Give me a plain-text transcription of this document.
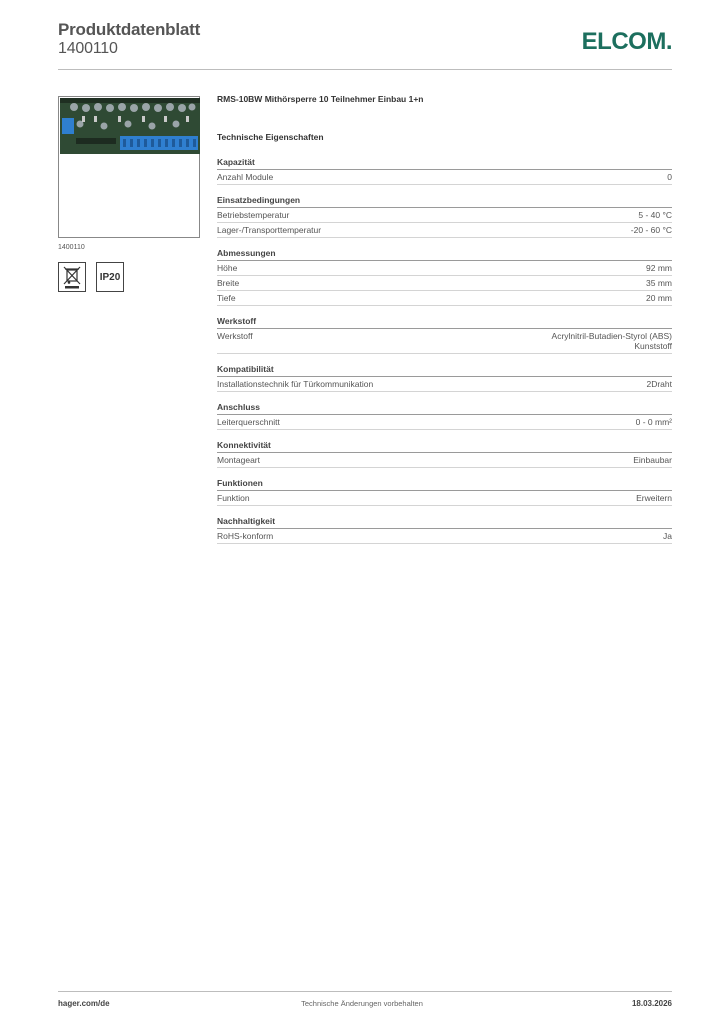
Produktdatenblatt
1400110	ELCOM.
1400110
IP20
RMS-10BW Mithörsperre 10 Teilnehmer Einbau 1+n
Technische Eigenschaften
Kapazität
Anzahl Module	0
Einsatzbedingungen
Betriebstemperatur	5 - 40 °C
Lager-/Transporttemperatur	-20 - 60 °C
Abmessungen
Höhe	92 mm
Breite	35 mm
Tiefe	20 mm
Werkstoff
Werkstoff	Acrylnitril-Butadien-Styrol (ABS)
Kunststoff
Kompatibilität
Installationstechnik für Türkommunikation	2Draht
Anschluss
Leiterquerschnitt	0 - 0 mm²
Konnektivität
Montageart	Einbaubar
Funktionen
Funktion	Erweitern
Nachhaltigkeit
RoHS-konform	Ja
hager.com/de	Technische Änderungen vorbehalten	18.03.2026
